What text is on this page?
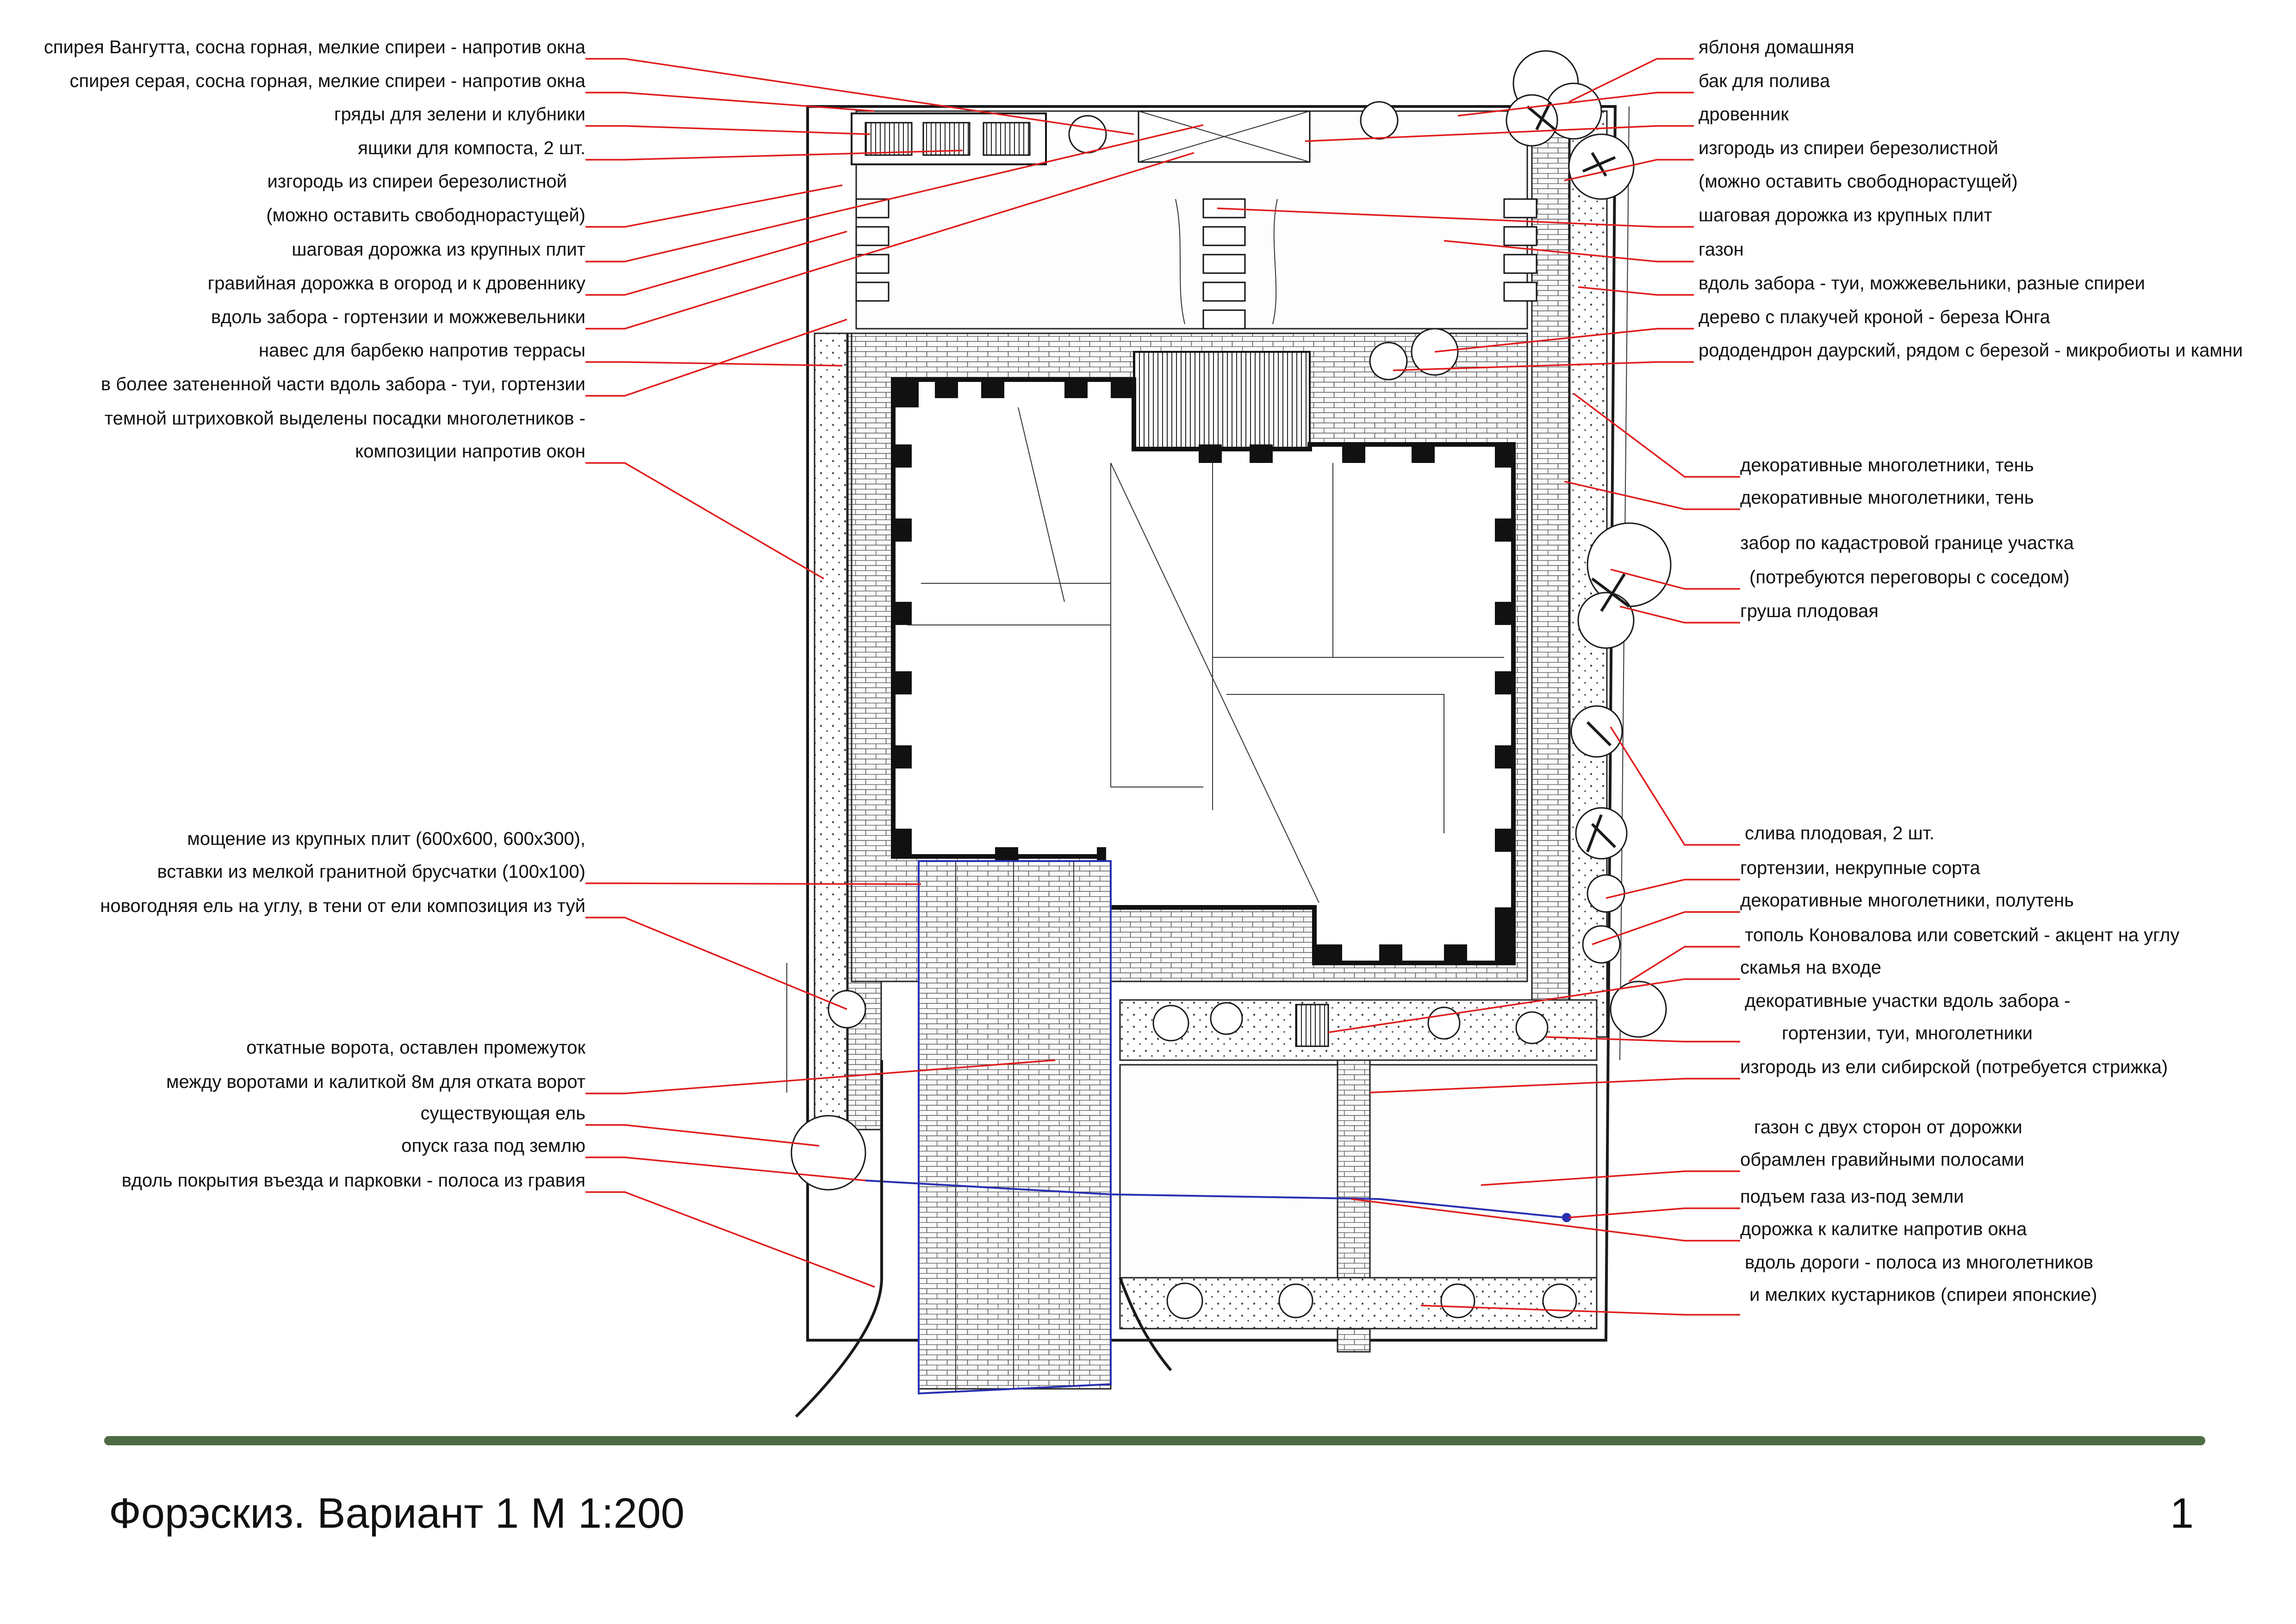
спирея Вангутта, сосна горная, мелкие спиреи - напротив окна
спирея серая, сосна горная, мелкие спиреи - напротив окна
гряды для зелени и клубники
ящики для компоста, 2 шт.
изгородь из спиреи березолистной
(можно оставить свободнорастущей)
шаговая дорожка из крупных плит
гравийная дорожка в огород и к дровеннику
вдоль забора - гортензии и можжевельники
навес для барбекю напротив террасы
в более затененной части вдоль забора - туи, гортензии
темной штриховкой выделены посадки многолетников -
композиции напротив окон
мощение из крупных плит (600х600, 600х300),
вставки из мелкой гранитной брусчатки (100х100)
новогодняя ель на углу, в тени от ели композиция из туй
откатные ворота, оставлен промежуток
между воротами и калиткой 8м для отката ворот
существующая ель
опуск газа под землю
вдоль покрытия въезда и парковки - полоса из гравия
яблоня домашняя
бак для полива
дровенник
изгородь из спиреи березолистной
(можно оставить свободнорастущей)
шаговая дорожка из крупных плит
газон
вдоль забора - туи, можжевельники, разные спиреи
дерево с плакучей кроной - береза Юнга
рододендрон даурский, рядом с березой - микробиоты и камни
декоративные многолетники, тень
декоративные многолетники, тень
забор по кадастровой границе участка
(потребуются переговоры с соседом)
груша плодовая
слива плодовая, 2 шт.
гортензии, некрупные сорта
декоративные многолетники, полутень
тополь Коновалова или советский - акцент на углу
скамья на входе
декоративные участки вдоль забора -
гортензии, туи, многолетники
изгородь из ели сибирской (потребуется стрижка)
газон с двух сторон от дорожки
обрамлен гравийными полосами
подъем газа из-под земли
дорожка к калитке напротив окна
вдоль дороги - полоса из многолетников
и мелких кустарников (спиреи японские)
Форэскиз. Вариант 1 М 1:200	1
